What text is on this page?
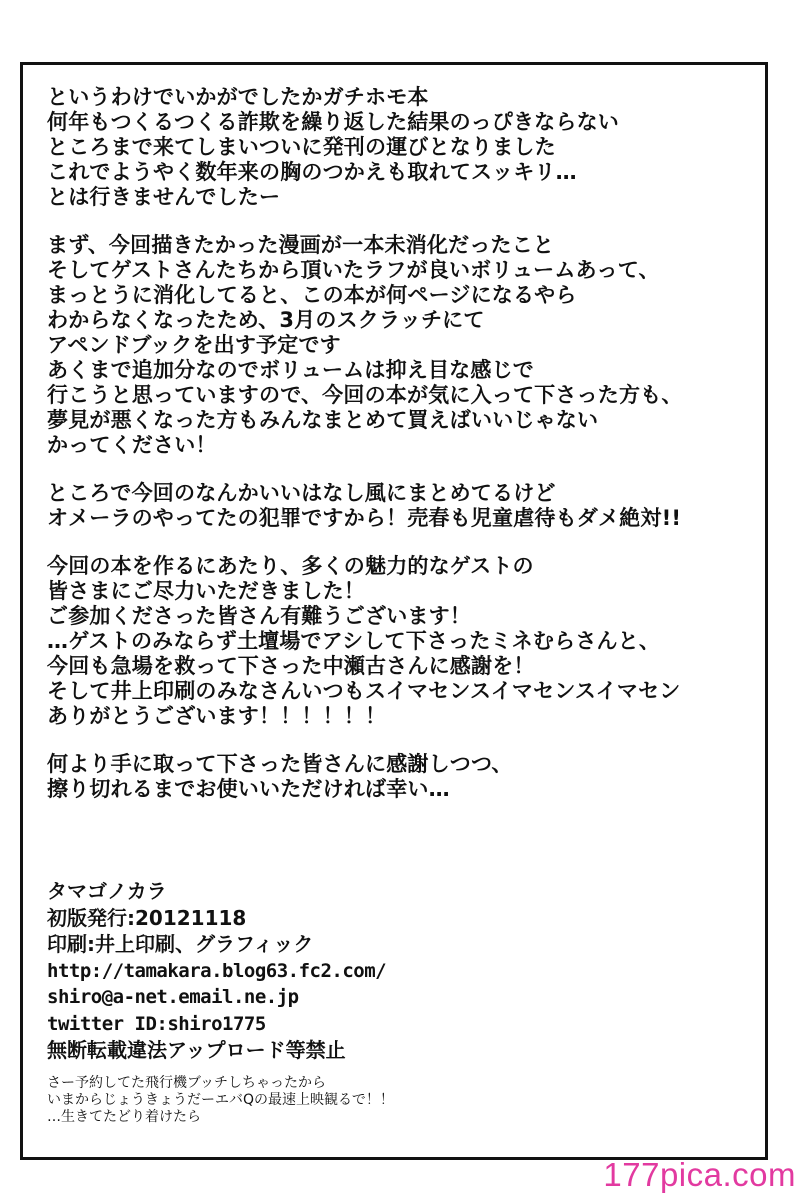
というわけでいかがでしたかガチホモ本
何年もつくるつくる詐欺を繰り返した結果のっぴきならない
ところまで来てしまいついに発刊の運びとなりました
これでようやく数年来の胸のつかえも取れてスッキリ…
とは行きませんでしたー

まず、今回描きたかった漫画が一本未消化だったこと
そしてゲストさんたちから頂いたラフが良いボリュームあって、
まっとうに消化してると、この本が何ページになるやら
わからなくなったため、3月のスクラッチにて
アペンドブックを出す予定です
あくまで追加分なのでボリュームは抑え目な感じで
行こうと思っていますので、今回の本が気に入って下さった方も、
夢見が悪くなった方もみんなまとめて買えばいいじゃない
かってください！

ところで今回のなんかいいはなし風にまとめてるけど
オメーラのやってたの犯罪ですから！売春も児童虐待もダメ絶対!!

今回の本を作るにあたり、多くの魅力的なゲストの
皆さまにご尽力いただきました！
ご参加くださった皆さん有難うございます！
…ゲストのみならず土壇場でアシして下さったミネむらさんと、
今回も急場を救って下さった中瀬古さんに感謝を！
そして井上印刷のみなさんいつもスイマセンスイマセンスイマセン
ありがとうございます！！！！！！

何より手に取って下さった皆さんに感謝しつつ、
擦り切れるまでお使いいただければ幸い…

タマゴノカラ
初版発行:20121118
印刷:井上印刷、グラフィック
http://tamakara.blog63.fc2.com/
shiro@a-net.email.ne.jp
twitter ID:shiro1775
無断転載違法アップロード等禁止
さー予約してた飛行機ブッチしちゃったから
いまからじょうきょうだーエバQの最速上映観るで！！
…生きてたどり着けたら
177pica.com
